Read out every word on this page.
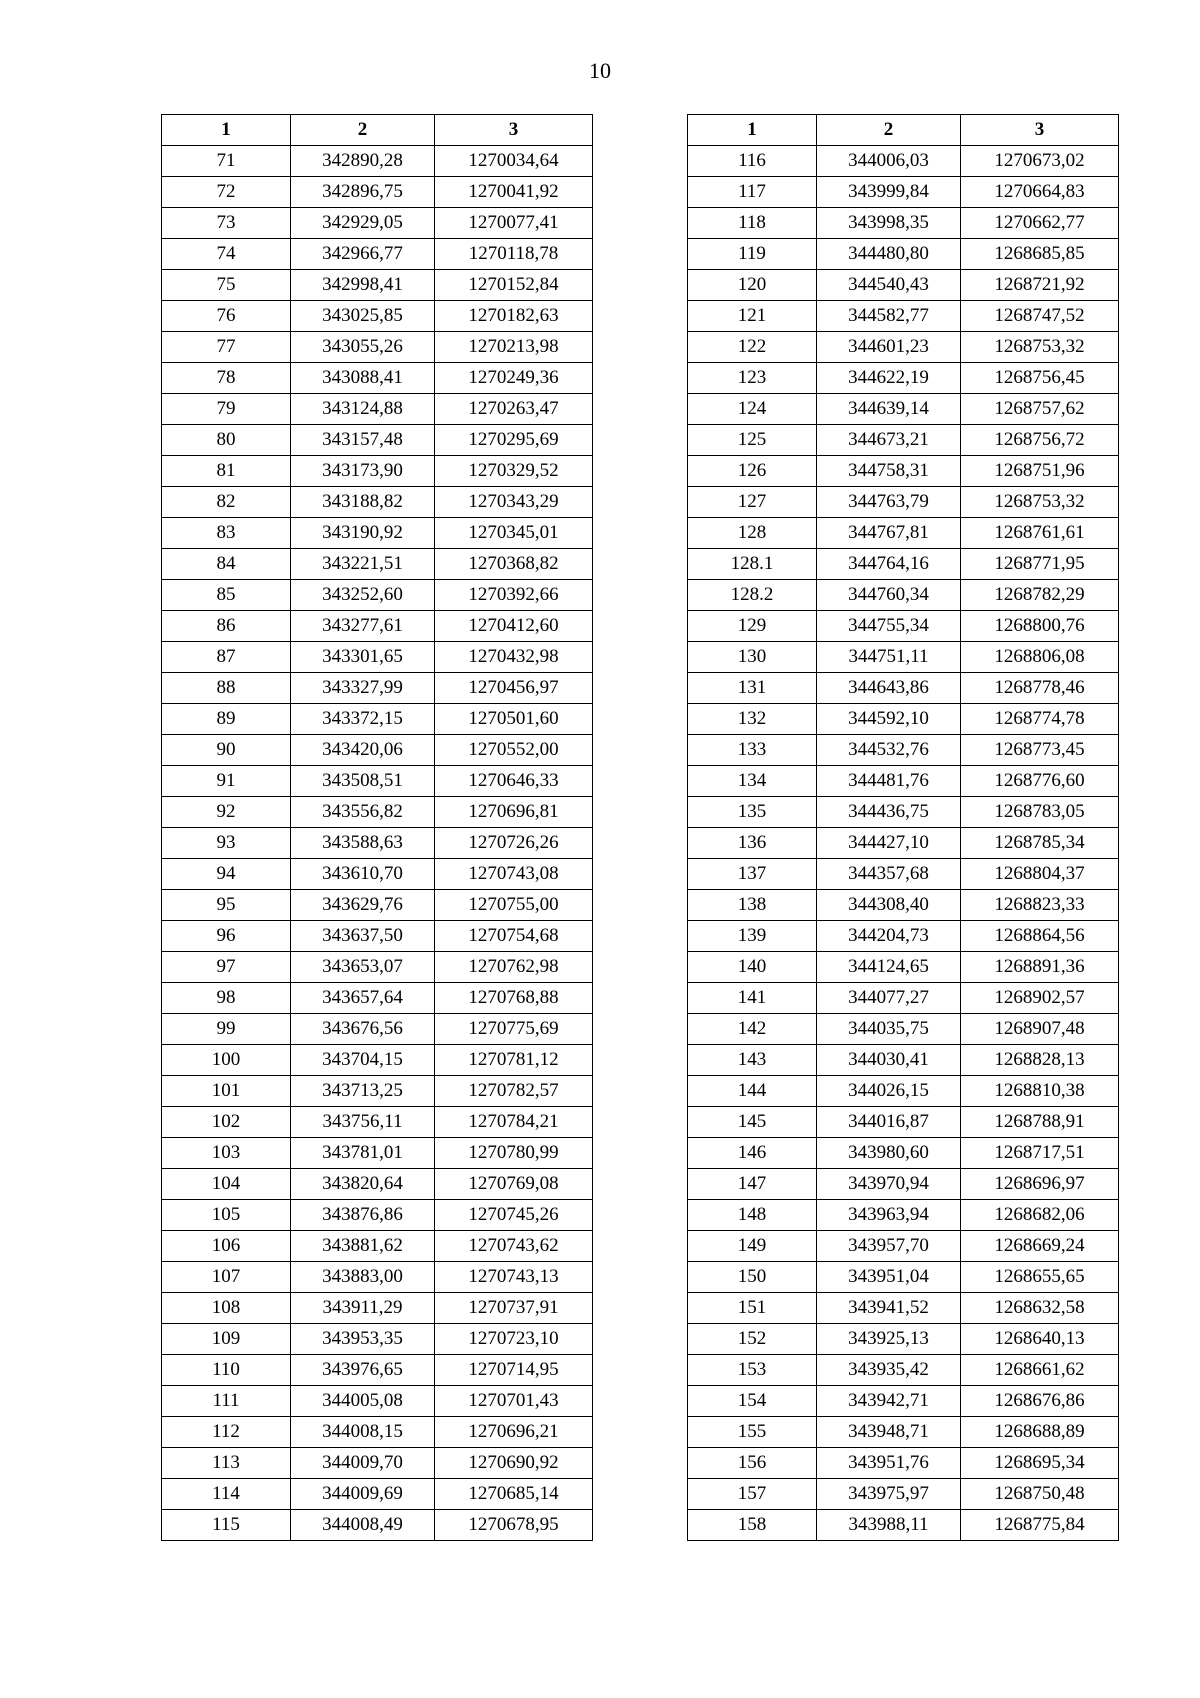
10
1	2	3
71	342890,28	1270034,64
72	342896,75	1270041,92
73	342929,05	1270077,41
74	342966,77	1270118,78
75	342998,41	1270152,84
76	343025,85	1270182,63
77	343055,26	1270213,98
78	343088,41	1270249,36
79	343124,88	1270263,47
80	343157,48	1270295,69
81	343173,90	1270329,52
82	343188,82	1270343,29
83	343190,92	1270345,01
84	343221,51	1270368,82
85	343252,60	1270392,66
86	343277,61	1270412,60
87	343301,65	1270432,98
88	343327,99	1270456,97
89	343372,15	1270501,60
90	343420,06	1270552,00
91	343508,51	1270646,33
92	343556,82	1270696,81
93	343588,63	1270726,26
94	343610,70	1270743,08
95	343629,76	1270755,00
96	343637,50	1270754,68
97	343653,07	1270762,98
98	343657,64	1270768,88
99	343676,56	1270775,69
100	343704,15	1270781,12
101	343713,25	1270782,57
102	343756,11	1270784,21
103	343781,01	1270780,99
104	343820,64	1270769,08
105	343876,86	1270745,26
106	343881,62	1270743,62
107	343883,00	1270743,13
108	343911,29	1270737,91
109	343953,35	1270723,10
110	343976,65	1270714,95
111	344005,08	1270701,43
112	344008,15	1270696,21
113	344009,70	1270690,92
114	344009,69	1270685,14
115	344008,49	1270678,95
1	2	3
116	344006,03	1270673,02
117	343999,84	1270664,83
118	343998,35	1270662,77
119	344480,80	1268685,85
120	344540,43	1268721,92
121	344582,77	1268747,52
122	344601,23	1268753,32
123	344622,19	1268756,45
124	344639,14	1268757,62
125	344673,21	1268756,72
126	344758,31	1268751,96
127	344763,79	1268753,32
128	344767,81	1268761,61
128.1	344764,16	1268771,95
128.2	344760,34	1268782,29
129	344755,34	1268800,76
130	344751,11	1268806,08
131	344643,86	1268778,46
132	344592,10	1268774,78
133	344532,76	1268773,45
134	344481,76	1268776,60
135	344436,75	1268783,05
136	344427,10	1268785,34
137	344357,68	1268804,37
138	344308,40	1268823,33
139	344204,73	1268864,56
140	344124,65	1268891,36
141	344077,27	1268902,57
142	344035,75	1268907,48
143	344030,41	1268828,13
144	344026,15	1268810,38
145	344016,87	1268788,91
146	343980,60	1268717,51
147	343970,94	1268696,97
148	343963,94	1268682,06
149	343957,70	1268669,24
150	343951,04	1268655,65
151	343941,52	1268632,58
152	343925,13	1268640,13
153	343935,42	1268661,62
154	343942,71	1268676,86
155	343948,71	1268688,89
156	343951,76	1268695,34
157	343975,97	1268750,48
158	343988,11	1268775,84
